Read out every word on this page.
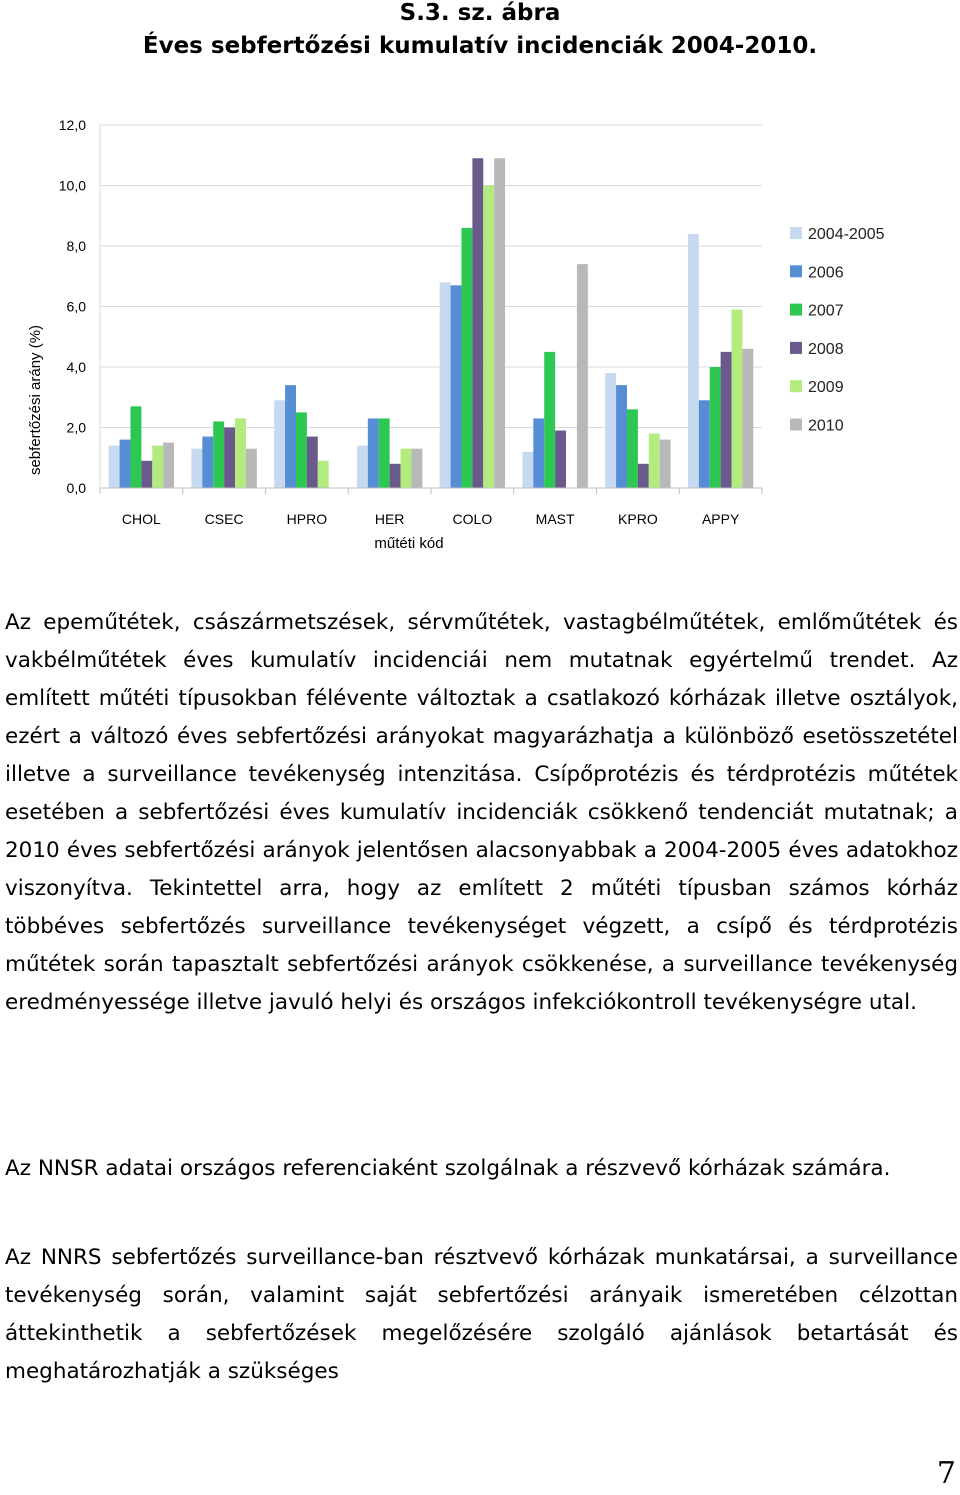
S.3. sz. ábra
Éves sebfertőzési kumulatív incidenciák 2004-2010.
0,0
2,0
4,0
6,0
8,0
10,0
12,0
CHOL	CSEC	HPRO	HER	COLO	MAST	KPRO	APPY
2004-2005
2006
2007
2008
2009
2010
sebfertőzési arány (%)
műtéti kód

Az epeműtétek, császármetszések, sérvműtétek, vastagbélműtétek, emlőműtétek és vakbélműtétek éves kumulatív incidenciái nem mutatnak egyértelmű trendet. Az említett műtéti típusokban félévente változtak a csatlakozó kórházak illetve osztályok, ezért a változó éves sebfertőzési arányokat magyarázhatja a különböző esetösszetétel illetve a surveillance tevékenység intenzitása. Csípőprotézis és térdprotézis műtétek esetében a sebfertőzési éves kumulatív incidenciák csökkenő tendenciát mutatnak; a 2010 éves sebfertőzési arányok jelentősen alacsonyabbak a 2004-2005 éves adatokhoz viszonyítva. Tekintettel arra, hogy az említett 2 műtéti típusban számos kórház többéves sebfertőzés surveillance tevékenységet végzett, a csípő és térdprotézis műtétek során tapasztalt sebfertőzési arányok csökkenése, a surveillance tevékenység eredményessége illetve javuló helyi és országos infekciókontroll tevékenységre utal.

Az NNSR adatai országos referenciaként szolgálnak a részvevő kórházak számára.

Az NNRS sebfertőzés surveillance-ban résztvevő kórházak munkatársai, a surveillance tevékenység során, valamint saját sebfertőzési arányaik ismeretében célzottan áttekinthetik a sebfertőzések megelőzésére szolgáló ajánlások betartását és meghatározhatják a szükséges

7
